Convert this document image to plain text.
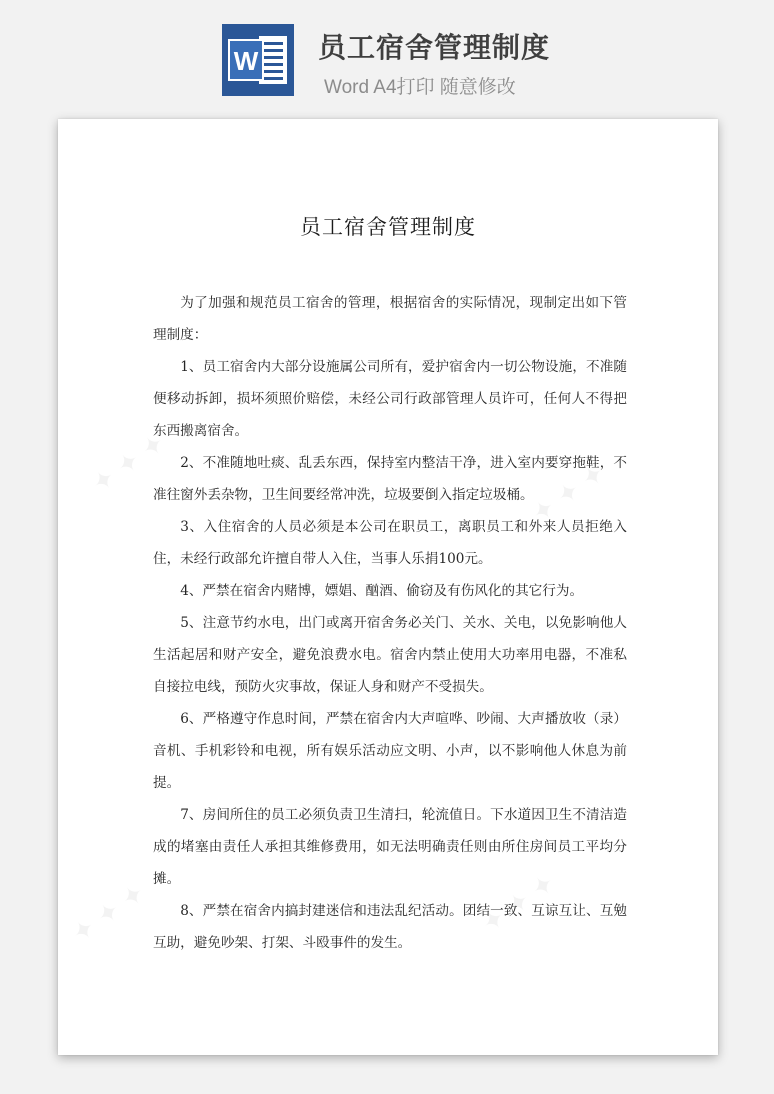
W 员工宿舍管理制度
Word A4打印 随意修改
✦ ✦ ✦	✦ ✦ ✦
✦ ✦ ✦	✦ ✦ ✦
员工宿舍管理制度

为了加强和规范员工宿舍的管理，根据宿舍的实际情况，现制定出如下管理制度：

1、员工宿舍内大部分设施属公司所有，爱护宿舍内一切公物设施，不准随便移动拆卸，损坏须照价赔偿，未经公司行政部管理人员许可，任何人不得把东西搬离宿舍。

2、不准随地吐痰、乱丢东西，保持室内整洁干净，进入室内要穿拖鞋，不准往窗外丢杂物，卫生间要经常冲洗，垃圾要倒入指定垃圾桶。

3、入住宿舍的人员必须是本公司在职员工，离职员工和外来人员拒绝入住，未经行政部允许擅自带人入住，当事人乐捐100元。

4、严禁在宿舍内赌博，嫖娼、酗酒、偷窃及有伤风化的其它行为。

5、注意节约水电，出门或离开宿舍务必关门、关水、关电，以免影响他人生活起居和财产安全，避免浪费水电。宿舍内禁止使用大功率用电器，不准私自接拉电线，预防火灾事故，保证人身和财产不受损失。

6、严格遵守作息时间，严禁在宿舍内大声喧哗、吵闹、大声播放收（录）音机、手机彩铃和电视，所有娱乐活动应文明、小声，以不影响他人休息为前提。

7、房间所住的员工必须负责卫生清扫，轮流值日。下水道因卫生不清洁造成的堵塞由责任人承担其维修费用，如无法明确责任则由所住房间员工平均分摊。

8、严禁在宿舍内搞封建迷信和违法乱纪活动。团结一致、互谅互让、互勉互助，避免吵架、打架、斗殴事件的发生。
